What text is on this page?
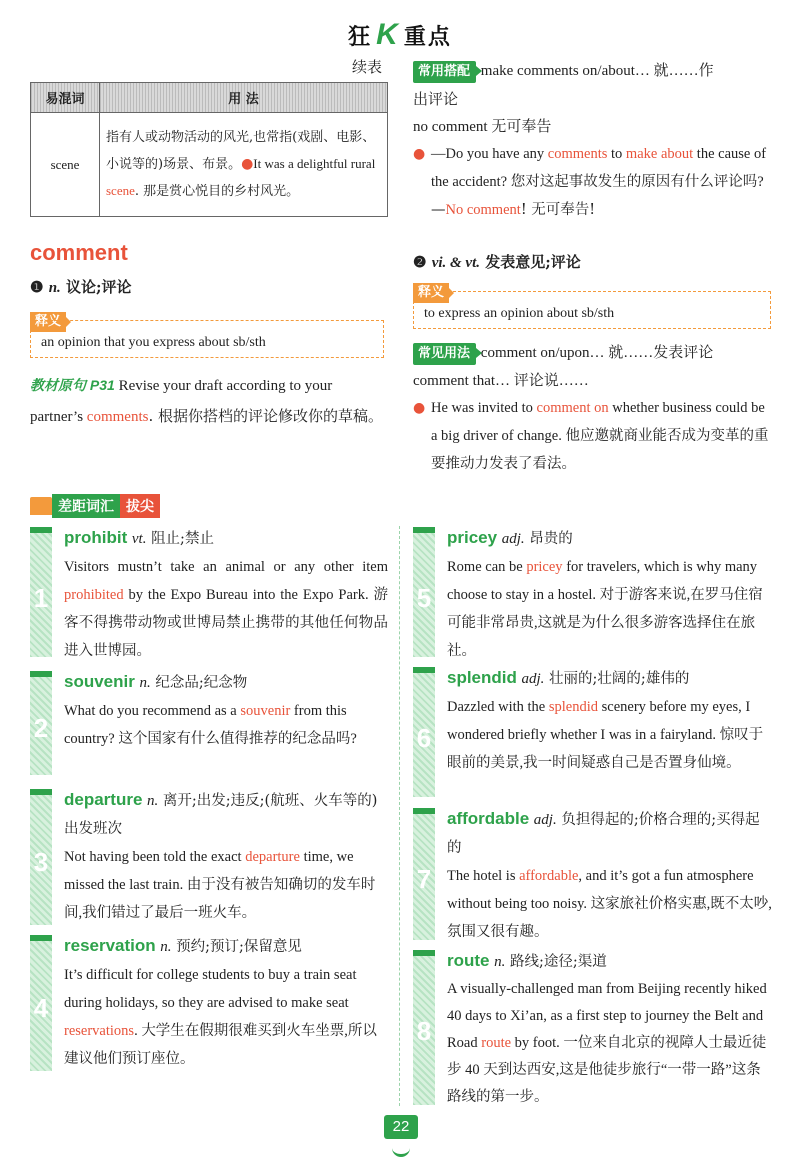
狂 K 重点
续表
易混词	用 法
scene	指有人或动物活动的风光,也常指(戏剧、电影、小说等的)场景、布景。●It was a delightful rural scene. 那是赏心悦目的乡村风光。
comment
❶ n. 议论;评论
释义
an opinion that you express about sb/sth
教材原句 P31 Revise your draft according to your partner’s comments. 根据你搭档的评论修改你的草稿。
常用搭配 make comments on/about… 就……作
出评论
no comment 无可奉告
● —Do you have any comments to make about the cause of the accident? 您对这起事故发生的原因有什么评论吗?
—No comment! 无可奉告!
❷ vi. & vt. 发表意见;评论
释义
to express an opinion about sb/sth
常见用法 comment on/upon… 就……发表评论
comment that… 评论说……
● He was invited to comment on whether business could be a big driver of change. 他应邀就商业能否成为变革的重要推动力发表了看法。
差距词汇 拔尖
1
prohibit vt. 阻止;禁止
Visitors mustn’t take an animal or any other item prohibited by the Expo Bureau into the Expo Park. 游客不得携带动物或世博局禁止携带的其他任何物品进入世博园。
2
souvenir n. 纪念品;纪念物
What do you recommend as a souvenir from this country? 这个国家有什么值得推荐的纪念品吗?
3
departure n. 离开;出发;违反;(航班、火车等的)出发班次
Not having been told the exact departure time, we missed the last train. 由于没有被告知确切的发车时间,我们错过了最后一班火车。
4
reservation n. 预约;预订;保留意见
It’s difficult for college students to buy a train seat during holidays, so they are advised to make seat reservations. 大学生在假期很难买到火车坐票,所以建议他们预订座位。
5
pricey adj. 昂贵的
Rome can be pricey for travelers, which is why many choose to stay in a hostel. 对于游客来说,在罗马住宿可能非常昂贵,这就是为什么很多游客选择住在旅社。
6
splendid adj. 壮丽的;壮阔的;雄伟的
Dazzled with the splendid scenery before my eyes, I wondered briefly whether I was in a fairyland. 惊叹于眼前的美景,我一时间疑惑自己是否置身仙境。
7
affordable adj. 负担得起的;价格合理的;买得起的
The hotel is affordable, and it’s got a fun atmosphere without being too noisy. 这家旅社价格实惠,既不太吵,氛围又很有趣。
8
route n. 路线;途径;渠道
A visually-challenged man from Beijing recently hiked 40 days to Xi’an, as a first step to journey the Belt and Road route by foot. 一位来自北京的视障人士最近徒步 40 天到达西安,这是他徒步旅行“一带一路”这条路线的第一步。
22
